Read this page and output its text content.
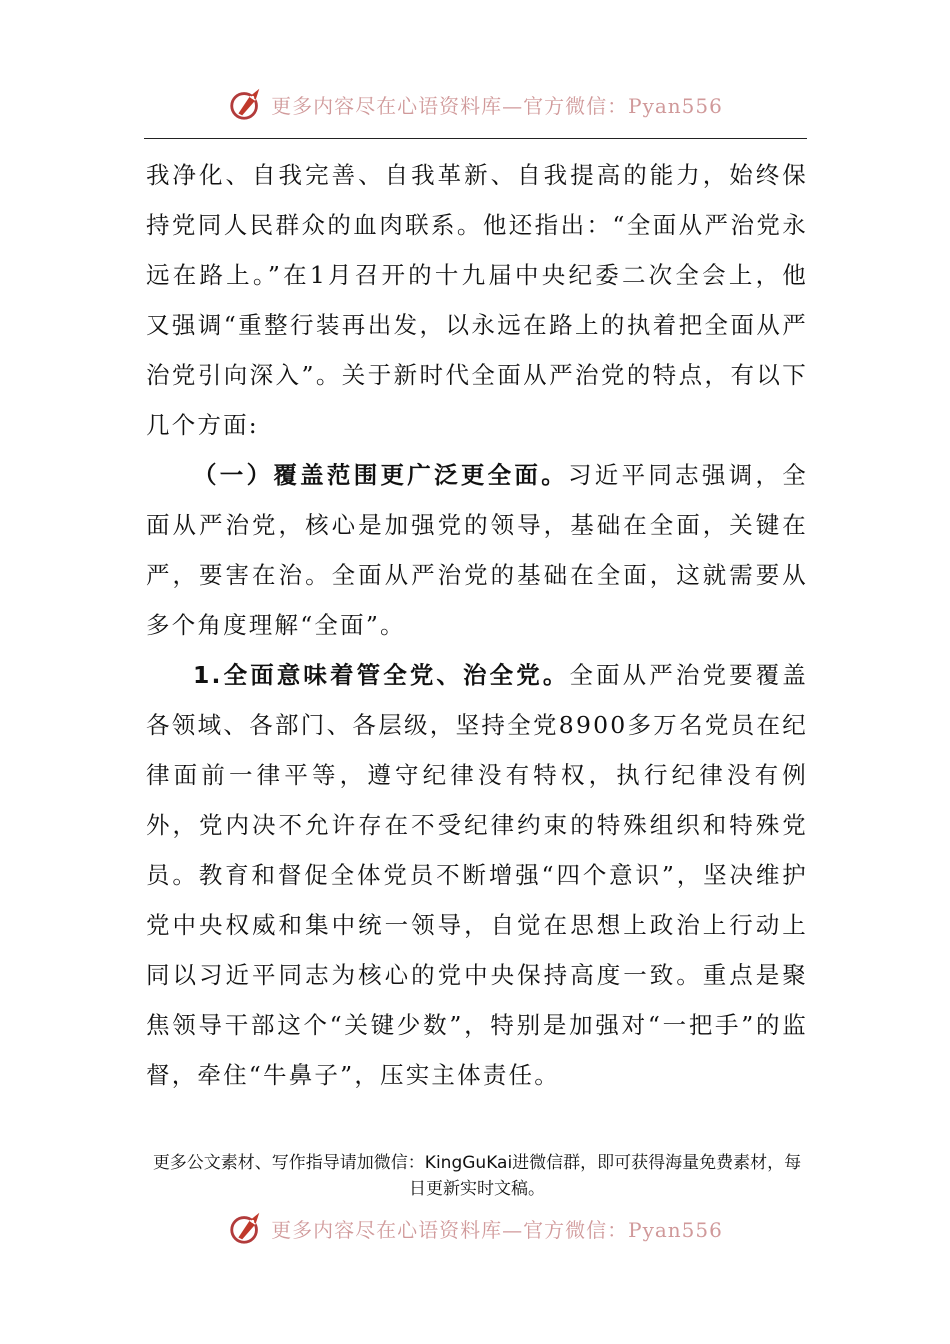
更多内容尽在心语资料库—官方微信：Pyan556

我净化、自我完善、自我革新、自我提高的能力，始终保持党同人民群众的血肉联系。他还指出：“全面从严治党永远在路上。”在1月召开的十九届中央纪委二次全会上，他又强调“重整行装再出发，以永远在路上的执着把全面从严治党引向深入”。关于新时代全面从严治党的特点，有以下几个方面:

（一）覆盖范围更广泛更全面。习近平同志强调，全面从严治党，核心是加强党的领导，基础在全面，关键在严，要害在治。全面从严治党的基础在全面，这就需要从多个角度理解“全面”。

1.全面意味着管全党、治全党。全面从严治党要覆盖各领域、各部门、各层级，坚持全党8900多万名党员在纪律面前一律平等，遵守纪律没有特权，执行纪律没有例外，党内决不允许存在不受纪律约束的特殊组织和特殊党员。教育和督促全体党员不断增强“四个意识”，坚决维护党中央权威和集中统一领导，自觉在思想上政治上行动上同以习近平同志为核心的党中央保持高度一致。重点是聚焦领导干部这个“关键少数”，特别是加强对“一把手”的监督，牵住“牛鼻子”，压实主体责任。

更多公文素材、写作指导请加微信：KingGuKai进微信群，即可获得海量免费素材，每日更新实时文稿。
更多内容尽在心语资料库—官方微信：Pyan556
